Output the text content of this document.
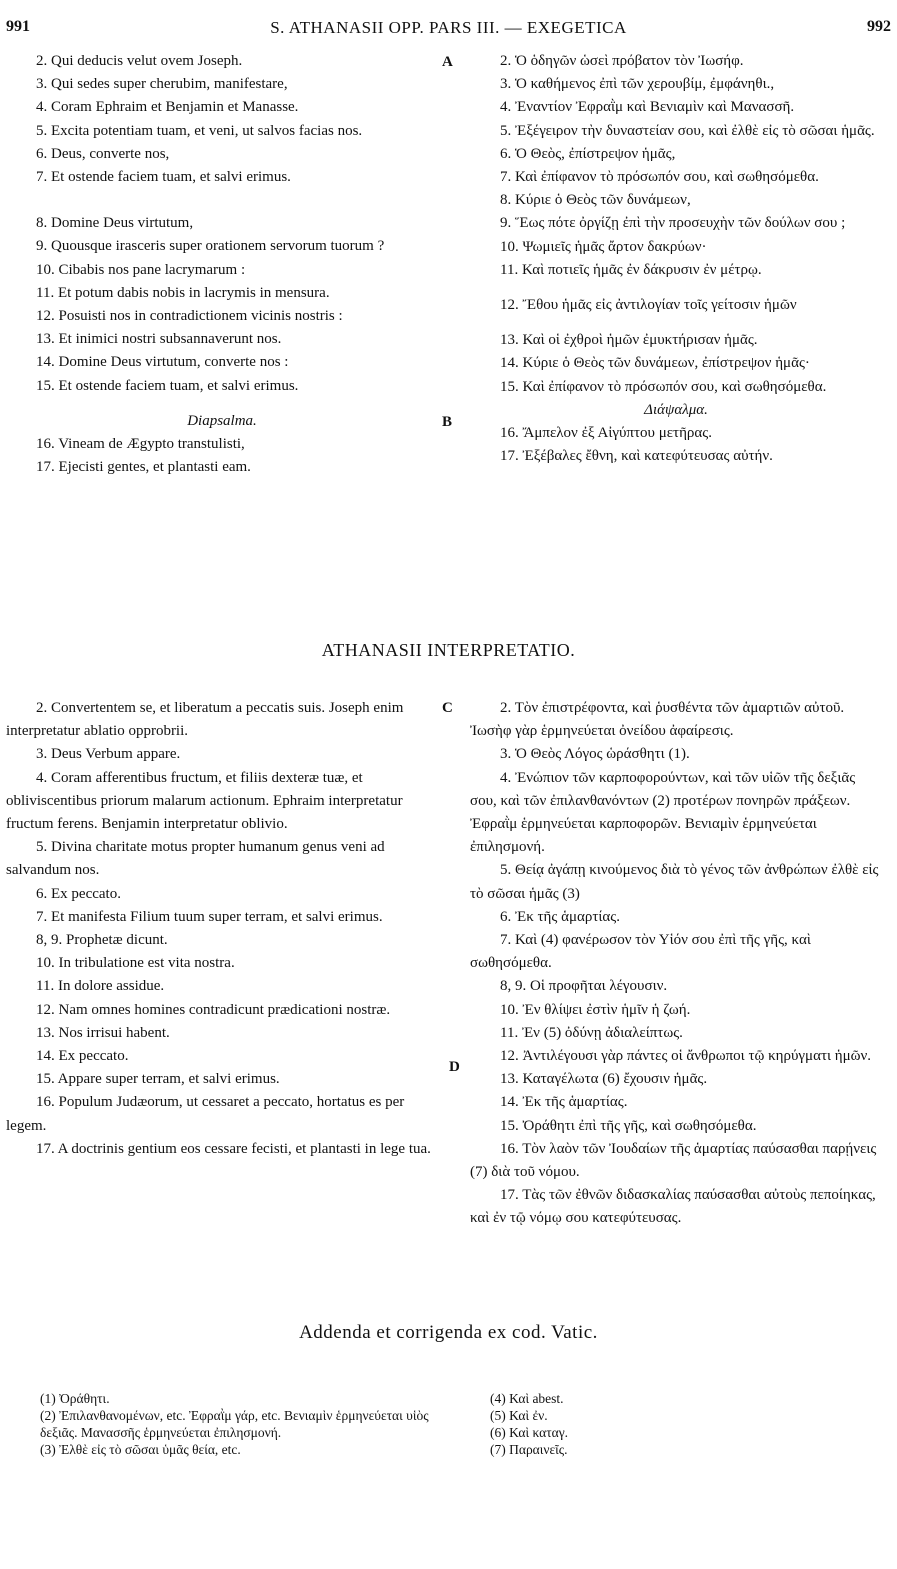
991	S. ATHANASII OPP. PARS III. — EXEGETICA	992
A
B
C
D

2. Qui deducis velut ovem Joseph.

3. Qui sedes super cherubim, manifestare,

4. Coram Ephraim et Benjamin et Manasse.

5. Excita potentiam tuam, et veni, ut salvos facias nos.

6. Deus, converte nos,

7. Et ostende faciem tuam, et salvi erimus.

8. Domine Deus virtutum,

9. Quousque irasceris super orationem servorum tuorum ?

10. Cibabis nos pane lacrymarum :

11. Et potum dabis nobis in lacrymis in mensura.

12. Posuisti nos in contradictionem vicinis nostris :

13. Et inimici nostri subsannaverunt nos.

14. Domine Deus virtutum, converte nos :

15. Et ostende faciem tuam, et salvi erimus.

Diapsalma.

16. Vineam de Ægypto transtulisti,

17. Ejecisti gentes, et plantasti eam.

2. Ὁ ὁδηγῶν ὡσεὶ πρόβατον τὸν Ἰωσήφ.

3. Ὁ καθήμενος ἐπὶ τῶν χερουβίμ, ἐμφάνηθι.,

4. Ἐναντίον Ἐφραῒμ καὶ Βενιαμὶν καὶ Μανασσῆ.

5. Ἐξέγειρον τὴν δυναστείαν σου, καὶ ἐλθὲ εἰς τὸ σῶσαι ἡμᾶς.

6. Ὁ Θεὸς, ἐπίστρεψον ἡμᾶς,

7. Καὶ ἐπίφανον τὸ πρόσωπόν σου, καὶ σωθησόμεθα.

8. Κύριε ὁ Θεὸς τῶν δυνάμεων,

9. Ἕως πότε ὀργίζῃ ἐπὶ τὴν προσευχὴν τῶν δούλων σου ;

10. Ψωμιεῖς ἡμᾶς ἄρτον δακρύων·

11. Καὶ ποτιεῖς ἡμᾶς ἐν δάκρυσιν ἐν μέτρῳ.

12. Ἔθου ἡμᾶς εἰς ἀντιλογίαν τοῖς γείτοσιν ἡμῶν

13. Καὶ οἱ ἐχθροὶ ἡμῶν ἐμυκτήρισαν ἡμᾶς.

14. Κύριε ὁ Θεὸς τῶν δυνάμεων, ἐπίστρεψον ἡμᾶς·

15. Καὶ ἐπίφανον τὸ πρόσωπόν σου, καὶ σωθησόμεθα.

Διάψαλμα.

16. Ἄμπελον ἐξ Αἰγύπτου μετῆρας.

17. Ἐξέβαλες ἔθνη, καὶ κατεφύτευσας αὐτήν.

ATHANASII INTERPRETATIO.

2. Convertentem se, et liberatum a peccatis suis. Joseph enim interpretatur ablatio opprobrii.

3. Deus Verbum appare.

4. Coram afferentibus fructum, et filiis dexteræ tuæ, et obliviscentibus priorum malarum actionum. Ephraim interpretatur fructum ferens. Benjamin interpretatur oblivio.

5. Divina charitate motus propter humanum genus veni ad salvandum nos.

6. Ex peccato.

7. Et manifesta Filium tuum super terram, et salvi erimus.

8, 9. Prophetæ dicunt.

10. In tribulatione est vita nostra.

11. In dolore assidue.

12. Nam omnes homines contradicunt prædicationi nostræ.

13. Nos irrisui habent.

14. Ex peccato.

15. Appare super terram, et salvi erimus.

16. Populum Judæorum, ut cessaret a peccato, hortatus es per legem.

17. A doctrinis gentium eos cessare fecisti, et plantasti in lege tua.

2. Τὸν ἐπιστρέφοντα, καὶ ῥυσθέντα τῶν ἁμαρτιῶν αὐτοῦ. Ἰωσὴφ γὰρ ἑρμηνεύεται ὀνείδου ἀφαίρεσις.

3. Ὁ Θεὸς Λόγος ὡράσθητι (1).

4. Ἐνώπιον τῶν καρποφορούντων, καὶ τῶν υἱῶν τῆς δεξιᾶς σου, καὶ τῶν ἐπιλανθανόντων (2) προτέρων πονηρῶν πράξεων. Ἐφραῒμ ἑρμηνεύεται καρποφορῶν. Βενιαμὶν ἑρμηνεύεται ἐπιλησμονή.

5. Θείᾳ ἀγάπῃ κινούμενος διὰ τὸ γένος τῶν ἀνθρώπων ἐλθὲ εἰς τὸ σῶσαι ἡμᾶς (3)

6. Ἐκ τῆς ἁμαρτίας.

7. Καὶ (4) φανέρωσον τὸν Υἱόν σου ἐπὶ τῆς γῆς, καὶ σωθησόμεθα.

8, 9. Οἱ προφῆται λέγουσιν.

10. Ἐν θλίψει ἐστὶν ἡμῖν ἡ ζωή.

11. Ἐν (5) ὀδύνῃ ἀδιαλείπτως.

12. Ἀντιλέγουσι γὰρ πάντες οἱ ἄνθρωποι τῷ κηρύγματι ἡμῶν.

13. Καταγέλωτα (6) ἔχουσιν ἡμᾶς.

14. Ἐκ τῆς ἁμαρτίας.

15. Ὀράθητι ἐπὶ τῆς γῆς, καὶ σωθησόμεθα.

16. Τὸν λαὸν τῶν Ἰουδαίων τῆς ἁμαρτίας παύσασθαι παρῄνεις (7) διὰ τοῦ νόμου.

17. Τὰς τῶν ἐθνῶν διδασκαλίας παύσασθαι αὐτοὺς πεποίηκας, καὶ ἐν τῷ νόμῳ σου κατεφύτευσας.

Addenda et corrigenda ex cod. Vatic.

(1) Ὀράθητι.

(2) Ἐπιλανθανομένων, etc. Ἐφραῒμ γάρ, etc. Βενιαμὶν ἑρμηνεύεται υἱὸς δεξιᾶς. Μανασσῆς ἑρμηνεύεται ἐπιλησμονή.

(3) Ἐλθὲ εἰς τὸ σῶσαι ὑμᾶς θεία, etc.

(4) Καὶ abest.

(5) Καὶ ἐν.

(6) Καὶ καταγ.

(7) Παραινεῖς.
